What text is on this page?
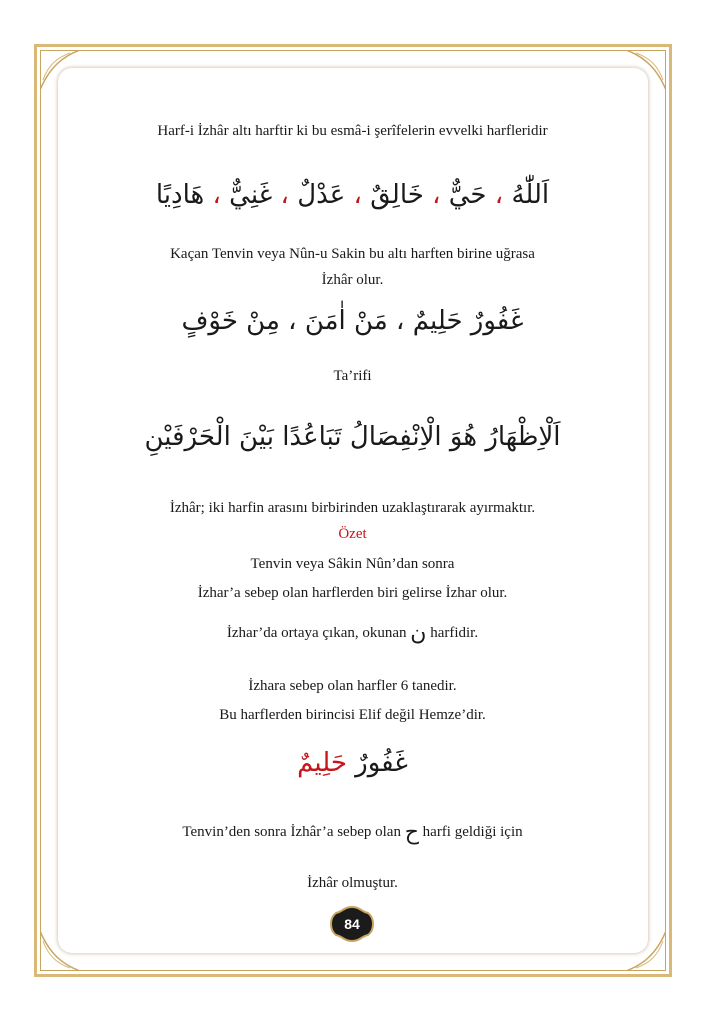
Harf-i İzhâr altı harftir ki bu esmâ-i şerîfelerin evvelki harfleridir
اَللّٰهُ ، حَيٌّ ، خَالِقٌ ، عَدْلٌ ، غَنِيٌّ ، هَادِيًا
Kaçan Tenvin veya Nûn-u Sakin bu altı harften birine uğrasa
İzhâr olur.
غَفُورٌ حَلِيمٌ ، مَنْ اٰمَنَ ، مِنْ خَوْفٍ
Ta’rifi
اَلْاِظْهَارُ هُوَ الْاِنْفِصَالُ تَبَاعُدًا بَيْنَ الْحَرْفَيْنِ
İzhâr; iki harfin arasını birbirinden uzaklaştırarak ayırmaktır.
Özet
Tenvin veya Sâkin Nûn’dan sonra
İzhar’a sebep olan harflerden biri gelirse İzhar olur.
İzhar’da ortaya çıkan, okunan ن harfidir.
İzhara sebep olan harfler 6 tanedir.
Bu harflerden birincisi Elif değil Hemze’dir.
غَفُورٌ حَلِيمٌ
Tenvin’den sonra İzhâr’a sebep olan ح harfi geldiği için
İzhâr olmuştur.
84
